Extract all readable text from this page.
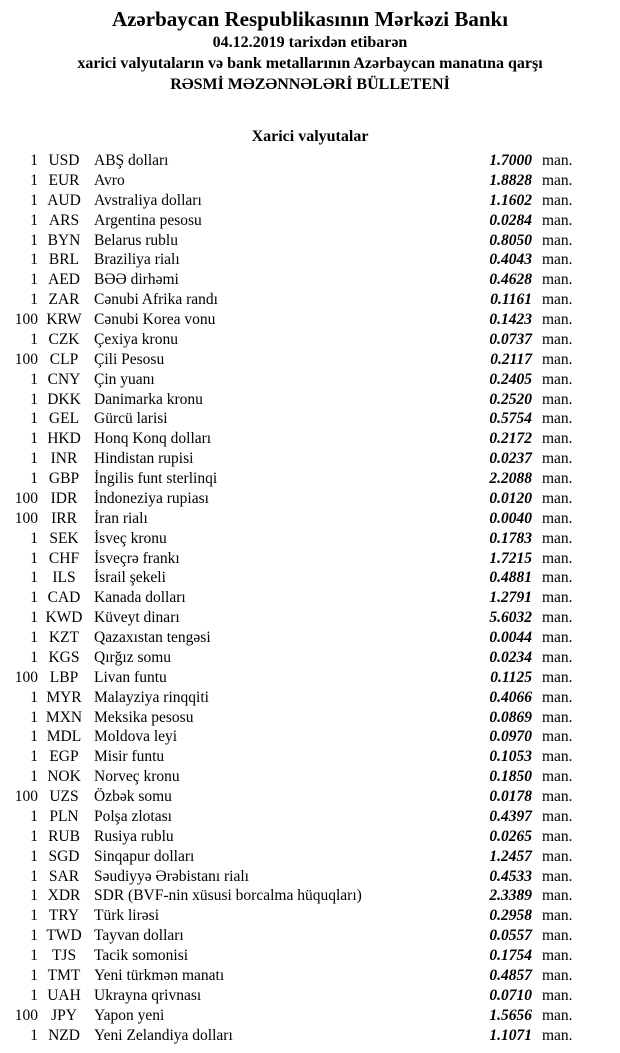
Azərbaycan Respublikasının Mərkəzi Bankı
04.12.2019 tarixdən etibarən
xarici valyutaların və bank metallarının Azərbaycan manatına qarşı
RƏSMİ MƏZƏNNƏLƏRİ BÜLLETENİ
Xarici valyutalar
1 USD ABŞ dolları	1.7000 man.
1 EUR Avro	1.8828 man.
1 AUD Avstraliya dolları	1.1602 man.
1 ARS Argentina pesosu	0.0284 man.
1 BYN Belarus rublu	0.8050 man.
1 BRL Braziliya rialı	0.4043 man.
1 AED BƏƏ dirhəmi	0.4628 man.
1 ZAR Cənubi Afrika randı	0.1161 man.
100 KRW Cənubi Korea vonu	0.1423 man.
1 CZK Çexiya kronu	0.0737 man.
100 CLP	Çili Pesosu	0.2117 man.
1 CNY Çin yuanı	0.2405 man.
1 DKK Danimarka kronu	0.2520 man.
1 GEL Gürcü larisi	0.5754 man.
1 HKD Honq Konq dolları	0.2172 man.
1 INR	Hindistan rupisi	0.0237 man.
1 GBP İngilis funt sterlinqi	2.2088 man.
100 IDR	İndoneziya rupiası	0.0120 man.
100 IRR	İran rialı	0.0040 man.
1 SEK İsveç kronu	0.1783 man.
1 CHF İsveçrə frankı	1.7215 man.
1 ILS	İsrail şekeli	0.4881 man.
1 CAD Kanada dolları	1.2791 man.
1 KWD Küveyt dinarı	5.6032 man.
1 KZT Qazaxıstan tengəsi	0.0044 man.
1 KGS Qırğız somu	0.0234 man.
100 LBP	Livan funtu	0.1125 man.
1 MYR Malayziya rinqqiti	0.4066 man.
1 MXN Meksika pesosu	0.0869 man.
1 MDL Moldova leyi	0.0970 man.
1 EGP Misir funtu	0.1053 man.
1 NOK Norveç kronu	0.1850 man.
100 UZS Özbək somu	0.0178 man.
1 PLN Polşa zlotası	0.4397 man.
1 RUB Rusiya rublu	0.0265 man.
1 SGD Sinqapur dolları	1.2457 man.
1 SAR Səudiyyə Ərəbistanı rialı	0.4533 man.
1 XDR SDR (BVF-nin xüsusi borcalma hüquqları)	2.3389 man.
1 TRY Türk lirəsi	0.2958 man.
1 TWD Tayvan dolları	0.0557 man.
1 TJS	Tacik somonisi	0.1754 man.
1 TMT Yeni türkmən manatı	0.4857 man.
1 UAH Ukrayna qrivnası	0.0710 man.
100 JPY	Yapon yeni	1.5656 man.
1 NZD Yeni Zelandiya dolları	1.1071 man.
